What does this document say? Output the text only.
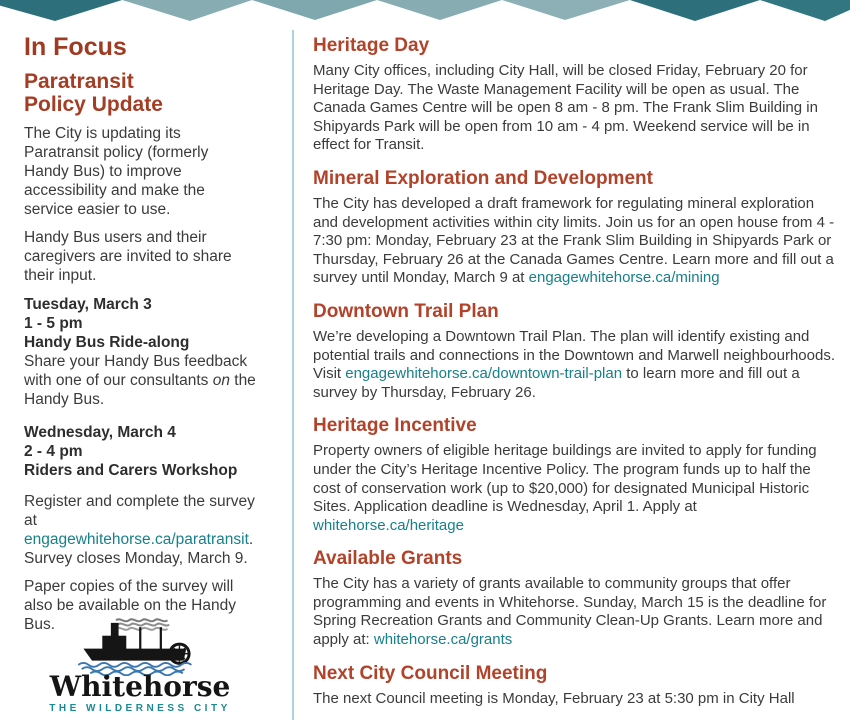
In Focus
Paratransit
Policy Update
The City is updating its Paratransit policy (formerly Handy Bus) to improve accessibility and make the service easier to use.
Handy Bus users and their caregivers are invited to share their input.
Tuesday, March 3
1 - 5 pm
Handy Bus Ride-along
Share your Handy Bus feedback with one of our consultants on the Handy Bus.
Wednesday, March 4
2 - 4 pm
Riders and Carers Workshop
Register and complete the survey at engagewhitehorse.ca/paratransit. Survey closes Monday, March 9.
Paper copies of the survey will also be available on the Handy Bus.
Whitehorse
THE WILDERNESS CITY
Heritage Day
Many City offices, including City Hall, will be closed Friday, February 20 for Heritage Day. The Waste Management Facility will be open as usual. The Canada Games Centre will be open 8 am - 8 pm. The Frank Slim Building in Shipyards Park will be open from 10 am - 4 pm. Weekend service will be in effect for Transit.
Mineral Exploration and Development
The City has developed a draft framework for regulating mineral exploration and development activities within city limits. Join us for an open house from 4 - 7:30 pm: Monday, February 23 at the Frank Slim Building in Shipyards Park or Thursday, February 26 at the Canada Games Centre. Learn more and fill out a survey until Monday, March 9 at engagewhitehorse.ca/mining
Downtown Trail Plan
We’re developing a Downtown Trail Plan. The plan will identify existing and potential trails and connections in the Downtown and Marwell neighbourhoods. Visit engagewhitehorse.ca/downtown-trail-plan to learn more and fill out a survey by Thursday, February 26.
Heritage Incentive
Property owners of eligible heritage buildings are invited to apply for funding under the City’s Heritage Incentive Policy. The program funds up to half the cost of conservation work (up to $20,000) for designated Municipal Historic Sites. Application deadline is Wednesday, April 1. Apply at whitehorse.ca/heritage
Available Grants
The City has a variety of grants available to community groups that offer programming and events in Whitehorse. Sunday, March 15 is the deadline for Spring Recreation Grants and Community Clean-Up Grants. Learn more and apply at: whitehorse.ca/grants
Next City Council Meeting
The next Council meeting is Monday, February 23 at 5:30 pm in City Hall
